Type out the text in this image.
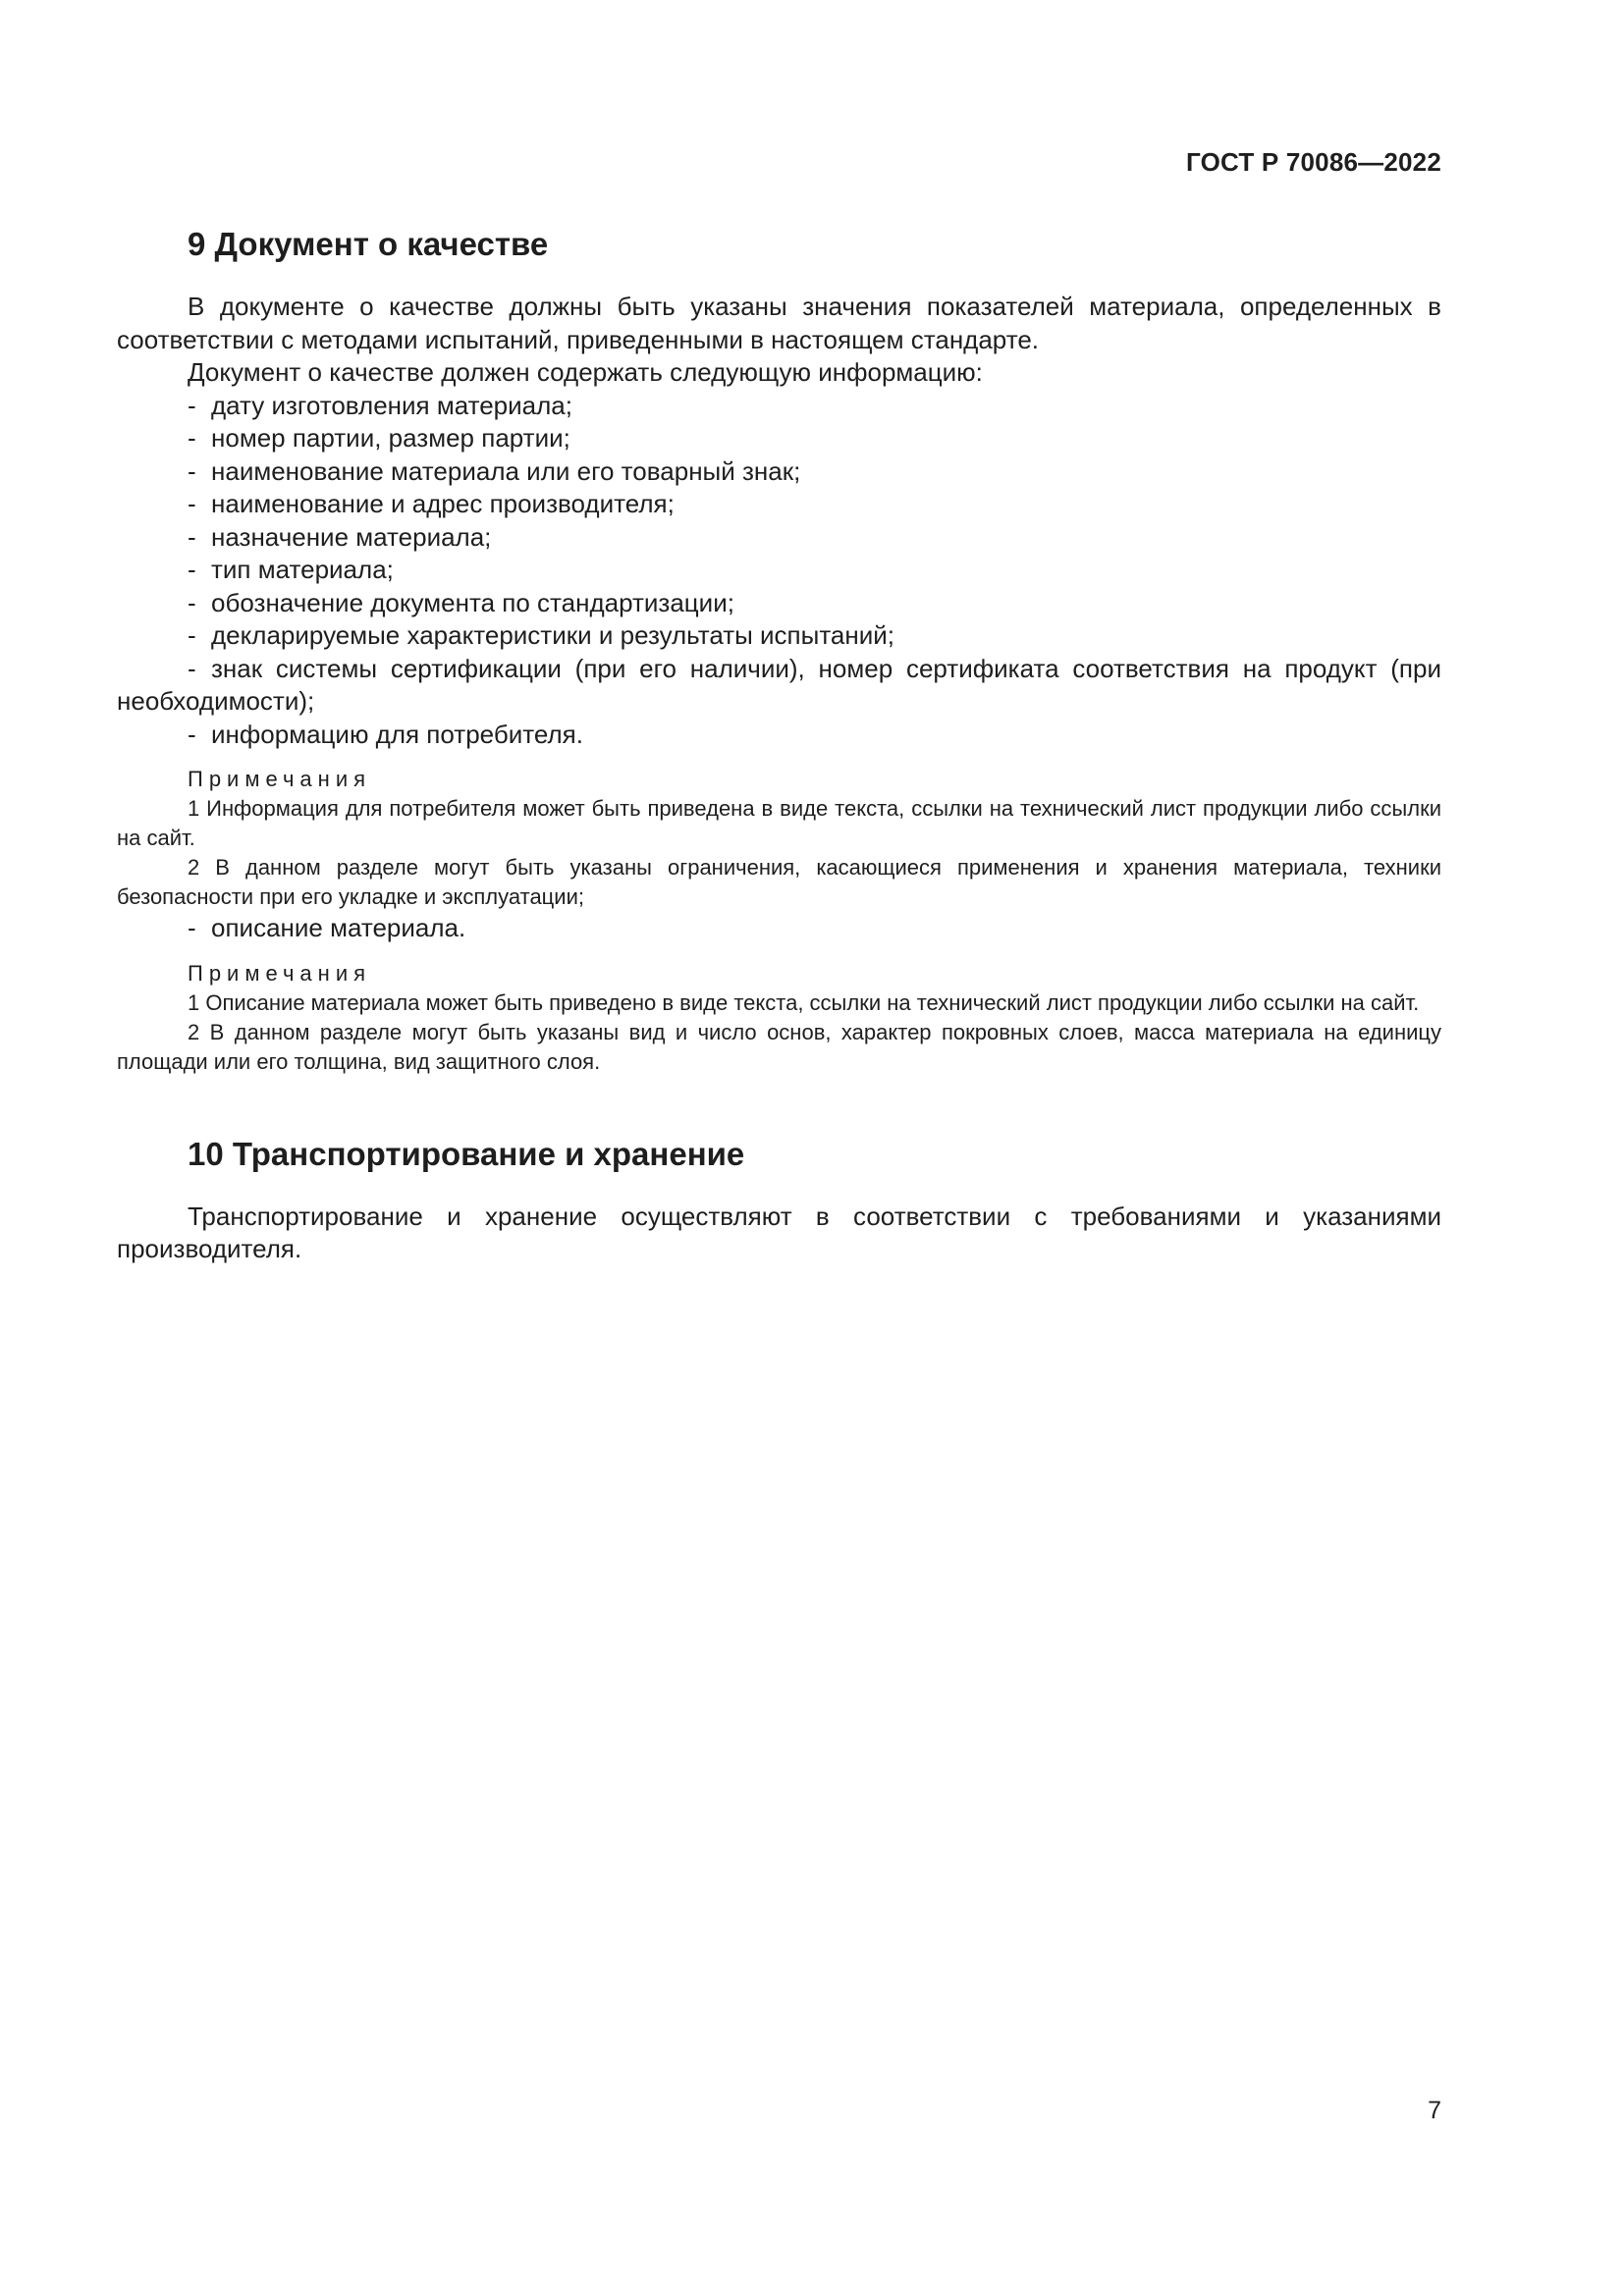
ГОСТ Р 70086—2022
9 Документ о качестве

В документе о качестве должны быть указаны значения показателей материала, определенных в соответствии с методами испытаний, приведенными в настоящем стандарте.

Документ о качестве должен содержать следующую информацию:

- дату изготовления материала;
- номер партии, размер партии;
- наименование материала или его товарный знак;
- наименование и адрес производителя;
- назначение материала;
- тип материала;
- обозначение документа по стандартизации;
- декларируемые характеристики и результаты испытаний;
- знак системы сертификации (при его наличии), номер сертификата соответствия на продукт (при необходимости);
- информацию для потребителя.
Примечания

1 Информация для потребителя может быть приведена в виде текста, ссылки на технический лист продукции либо ссылки на сайт.

2 В данном разделе могут быть указаны ограничения, касающиеся применения и хранения материала, техники безопасности при его укладке и эксплуатации;

- описание материала.
Примечания

1 Описание материала может быть приведено в виде текста, ссылки на технический лист продукции либо ссылки на сайт.

2 В данном разделе могут быть указаны вид и число основ, характер покровных слоев, масса материала на единицу площади или его толщина, вид защитного слоя.

10 Транспортирование и хранение

Транспортирование и хранение осуществляют в соответствии с требованиями и указаниями производителя.

7
